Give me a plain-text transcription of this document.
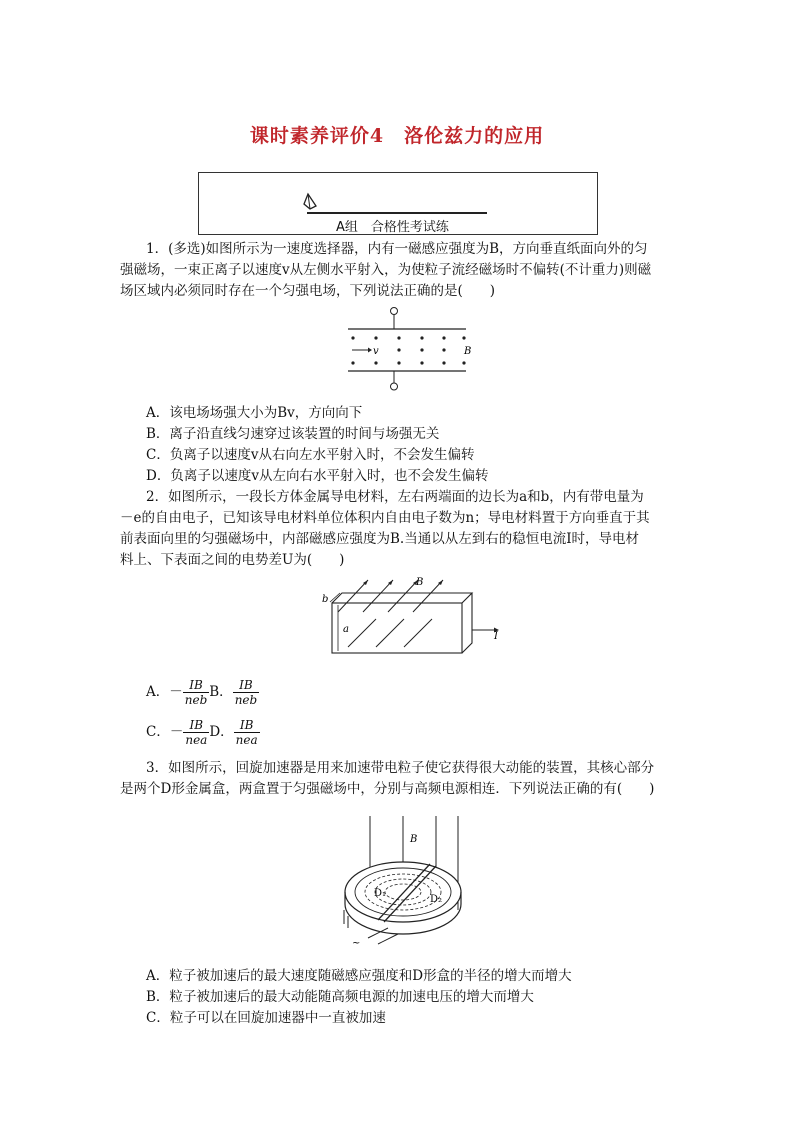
课时素养评价4　洛伦兹力的应用
A组　合格性考试练
1．(多选)如图所示为一速度选择器，内有一磁感应强度为B，方向垂直纸面向外的匀
强磁场，一束正离子以速度v从左侧水平射入，为使粒子流经磁场时不偏转(不计重力)则磁
场区域内必须同时存在一个匀强电场，下列说法正确的是(　　)
v	B
A．该电场场强大小为Bv，方向向下
B．离子沿直线匀速穿过该装置的时间与场强无关
C．负离子以速度v从右向左水平射入时，不会发生偏转
D．负离子以速度v从左向右水平射入时，也不会发生偏转
2．如图所示，一段长方体金属导电材料，左右两端面的边长为a和b，内有带电量为
－e的自由电子，已知该导电材料单位体积内自由电子数为n；导电材料置于方向垂直于其
前表面向里的匀强磁场中，内部磁感应强度为B.当通以从左到右的稳恒电流I时，导电材
料上、下表面之间的电势差U为(　　)
B
b
a
I
A．－ $\frac{IB}{\text{neb}}$ B． $\frac{IB}{\text{neb}}$
C．－ $\frac{IB}{\text{nea}}$ D． $\frac{IB}{\text{nea}}$
3．如图所示，回旋加速器是用来加速带电粒子使它获得很大动能的装置，其核心部分
是两个D形金属盒，两盒置于匀强磁场中，分别与高频电源相连．下列说法正确的有(　　)
B
D₁
D₂
~
A．粒子被加速后的最大速度随磁感应强度和D形盒的半径的增大而增大
B．粒子被加速后的最大动能随高频电源的加速电压的增大而增大
C．粒子可以在回旋加速器中一直被加速
